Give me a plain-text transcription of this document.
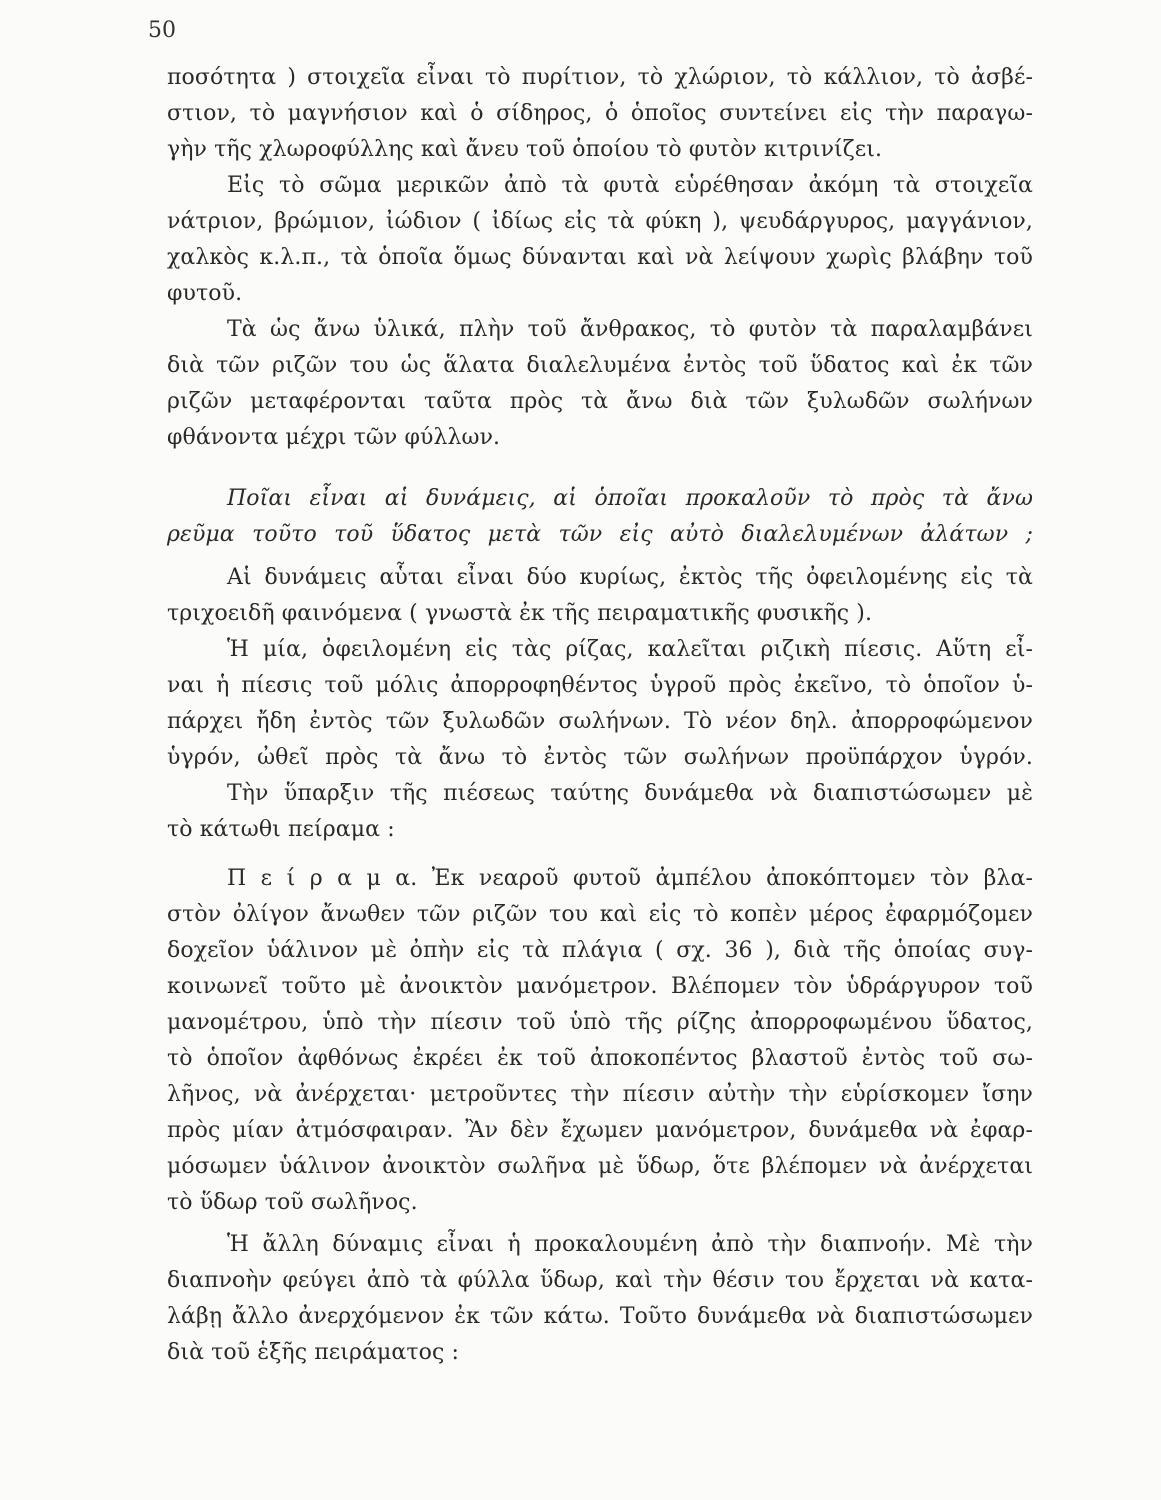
50
ποσότητα ) στοιχεῖα εἶναι τὸ πυρίτιον, τὸ χλώριον, τὸ κάλλιον, τὸ ἀσβέ-
στιον, τὸ μαγνήσιον καὶ ὁ σίδηρος, ὁ ὁποῖος συντείνει εἰς τὴν παραγω-
γὴν τῆς χλωροφύλλης καὶ ἄνευ τοῦ ὁποίου τὸ φυτὸν κιτρινίζει.
Εἰς τὸ σῶμα μερικῶν ἀπὸ τὰ φυτὰ εὑρέθησαν ἀκόμη τὰ στοιχεῖα
νάτριον, βρώμιον, ἰώδιον ( ἰδίως εἰς τὰ φύκη ), ψευδάργυρος, μαγγάνιον,
χαλκὸς κ.λ.π., τὰ ὁποῖα ὅμως δύνανται καὶ νὰ λείψουν χωρὶς βλάβην τοῦ
φυτοῦ.
Τὰ ὡς ἄνω ὑλικά, πλὴν τοῦ ἄνθρακος, τὸ φυτὸν τὰ παραλαμβάνει
διὰ τῶν ριζῶν του ὡς ἅλατα διαλελυμένα ἐντὸς τοῦ ὕδατος καὶ ἐκ τῶν
ριζῶν μεταφέρονται ταῦτα πρὸς τὰ ἄνω διὰ τῶν ξυλωδῶν σωλήνων
φθάνοντα μέχρι τῶν φύλλων.
Ποῖαι εἶναι αἱ δυνάμεις, αἱ ὁποῖαι προκαλοῦν τὸ πρὸς τὰ ἄνω
ρεῦμα τοῦτο τοῦ ὕδατος μετὰ τῶν εἰς αὐτὸ διαλελυμένων ἀλάτων ;
Αἱ δυνάμεις αὗται εἶναι δύο κυρίως, ἐκτὸς τῆς ὀφειλομένης εἰς τὰ
τριχοειδῆ φαινόμενα ( γνωστὰ ἐκ τῆς πειραματικῆς φυσικῆς ).
Ἡ μία, ὀφειλομένη εἰς τὰς ρίζας, καλεῖται ριζικὴ πίεσις. Αὕτη εἶ-
ναι ἡ πίεσις τοῦ μόλις ἀπορροφηθέντος ὑγροῦ πρὸς ἐκεῖνο, τὸ ὁποῖον ὑ-
πάρχει ἤδη ἐντὸς τῶν ξυλωδῶν σωλήνων. Τὸ νέον δηλ. ἀπορροφώμενον
ὑγρόν, ὠθεῖ πρὸς τὰ ἄνω τὸ ἐντὸς τῶν σωλήνων προϋπάρχον ὑγρόν.
Τὴν ὕπαρξιν τῆς πιέσεως ταύτης δυνάμεθα νὰ διαπιστώσωμεν μὲ
τὸ κάτωθι πείραμα :
Π ε ί ρ α μ α. Ἐκ νεαροῦ φυτοῦ ἀμπέλου ἀποκόπτομεν τὸν βλα-
στὸν ὀλίγον ἄνωθεν τῶν ριζῶν του καὶ εἰς τὸ κοπὲν μέρος ἐφαρμόζομεν
δοχεῖον ὑάλινον μὲ ὀπὴν εἰς τὰ πλάγια ( σχ. 36 ), διὰ τῆς ὁποίας συγ-
κοινωνεῖ τοῦτο μὲ ἀνοικτὸν μανόμετρον. Βλέπομεν τὸν ὑδράργυρον τοῦ
μανομέτρου, ὑπὸ τὴν πίεσιν τοῦ ὑπὸ τῆς ρίζης ἀπορροφωμένου ὕδατος,
τὸ ὁποῖον ἀφθόνως ἐκρέει ἐκ τοῦ ἀποκοπέντος βλαστοῦ ἐντὸς τοῦ σω-
λῆνος, νὰ ἀνέρχεται· μετροῦντες τὴν πίεσιν αὐτὴν τὴν εὑρίσκομεν ἴσην
πρὸς μίαν ἀτμόσφαιραν. Ἂν δὲν ἔχωμεν μανόμετρον, δυνάμεθα νὰ ἐφαρ-
μόσωμεν ὑάλινον ἀνοικτὸν σωλῆνα μὲ ὕδωρ, ὅτε βλέπομεν νὰ ἀνέρχεται
τὸ ὕδωρ τοῦ σωλῆνος.
Ἡ ἄλλη δύναμις εἶναι ἡ προκαλουμένη ἀπὸ τὴν διαπνοήν. Μὲ τὴν
διαπνοὴν φεύγει ἀπὸ τὰ φύλλα ὕδωρ, καὶ τὴν θέσιν του ἔρχεται νὰ κατα-
λάβῃ ἄλλο ἀνερχόμενον ἐκ τῶν κάτω. Τοῦτο δυνάμεθα νὰ διαπιστώσωμεν
διὰ τοῦ ἑξῆς πειράματος :
